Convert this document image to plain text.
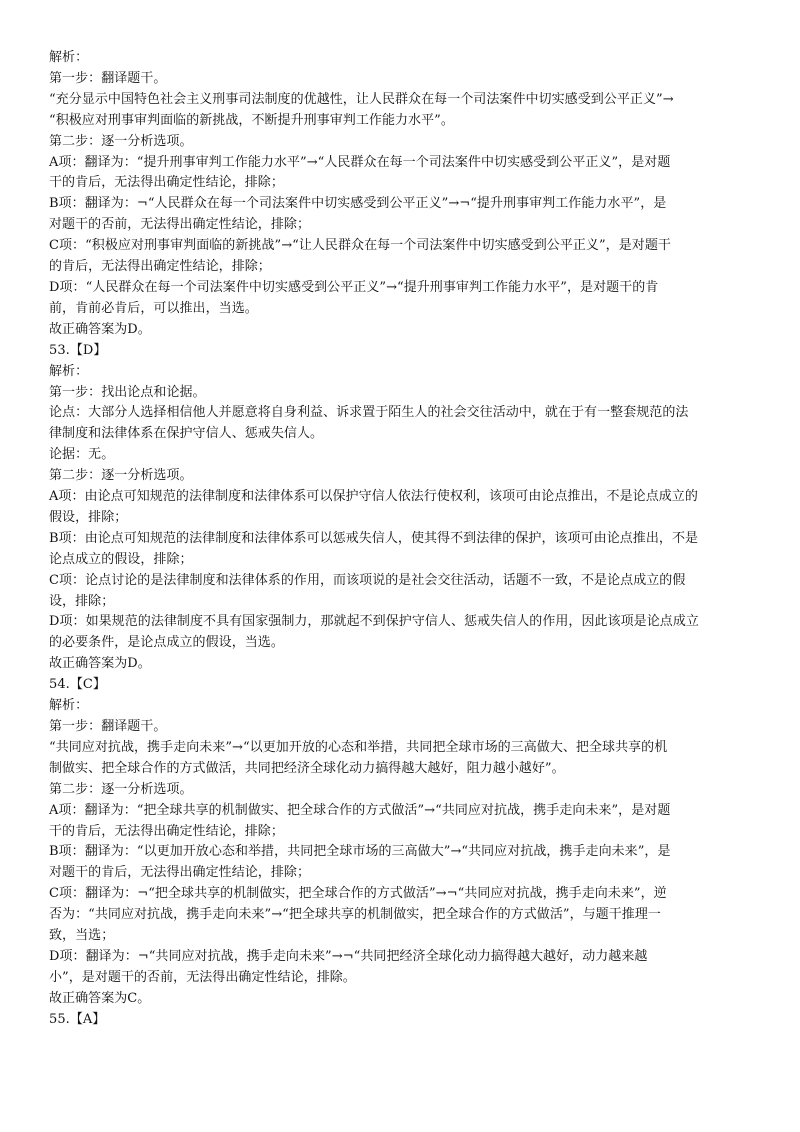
解析：
第一步：翻译题干。
“充分显示中国特色社会主义刑事司法制度的优越性，让人民群众在每一个司法案件中切实感受到公平正义”→
“积极应对刑事审判面临的新挑战，不断提升刑事审判工作能力水平”。
第二步：逐一分析选项。
A项：翻译为：“提升刑事审判工作能力水平”→“人民群众在每一个司法案件中切实感受到公平正义”，是对题
干的肯后，无法得出确定性结论，排除；
B项：翻译为：¬“人民群众在每一个司法案件中切实感受到公平正义”→¬“提升刑事审判工作能力水平”，是
对题干的否前，无法得出确定性结论，排除；
C项：“积极应对刑事审判面临的新挑战”→“让人民群众在每一个司法案件中切实感受到公平正义”，是对题干
的肯后，无法得出确定性结论，排除；
D项：“人民群众在每一个司法案件中切实感受到公平正义”→“提升刑事审判工作能力水平”，是对题干的肯
前，肯前必肯后，可以推出，当选。
故正确答案为D。
53.【D】
解析：
第一步：找出论点和论据。
论点：大部分人选择相信他人并愿意将自身利益、诉求置于陌生人的社会交往活动中，就在于有一整套规范的法
律制度和法律体系在保护守信人、惩戒失信人。
论据：无。
第二步：逐一分析选项。
A项：由论点可知规范的法律制度和法律体系可以保护守信人依法行使权利，该项可由论点推出，不是论点成立的
假设，排除；
B项：由论点可知规范的法律制度和法律体系可以惩戒失信人，使其得不到法律的保护，该项可由论点推出，不是
论点成立的假设，排除；
C项：论点讨论的是法律制度和法律体系的作用，而该项说的是社会交往活动，话题不一致，不是论点成立的假
设，排除；
D项：如果规范的法律制度不具有国家强制力，那就起不到保护守信人、惩戒失信人的作用，因此该项是论点成立
的必要条件，是论点成立的假设，当选。
故正确答案为D。
54.【C】
解析：
第一步：翻译题干。
“共同应对抗战，携手走向未来”→“以更加开放的心态和举措，共同把全球市场的三高做大、把全球共享的机
制做实、把全球合作的方式做活，共同把经济全球化动力搞得越大越好，阻力越小越好”。
第二步：逐一分析选项。
A项：翻译为：“把全球共享的机制做实、把全球合作的方式做活”→“共同应对抗战，携手走向未来”，是对题
干的肯后，无法得出确定性结论，排除；
B项：翻译为：“以更加开放心态和举措，共同把全球市场的三高做大”→“共同应对抗战，携手走向未来”，是
对题干的肯后，无法得出确定性结论，排除；
C项：翻译为：¬“把全球共享的机制做实，把全球合作的方式做活”→¬“共同应对抗战，携手走向未来”，逆
否为：“共同应对抗战，携手走向未来”→“把全球共享的机制做实，把全球合作的方式做活”，与题干推理一
致，当选；
D项：翻译为：¬“共同应对抗战，携手走向未来”→¬“共同把经济全球化动力搞得越大越好，动力越来越
小”，是对题干的否前，无法得出确定性结论，排除。
故正确答案为C。
55.【A】
